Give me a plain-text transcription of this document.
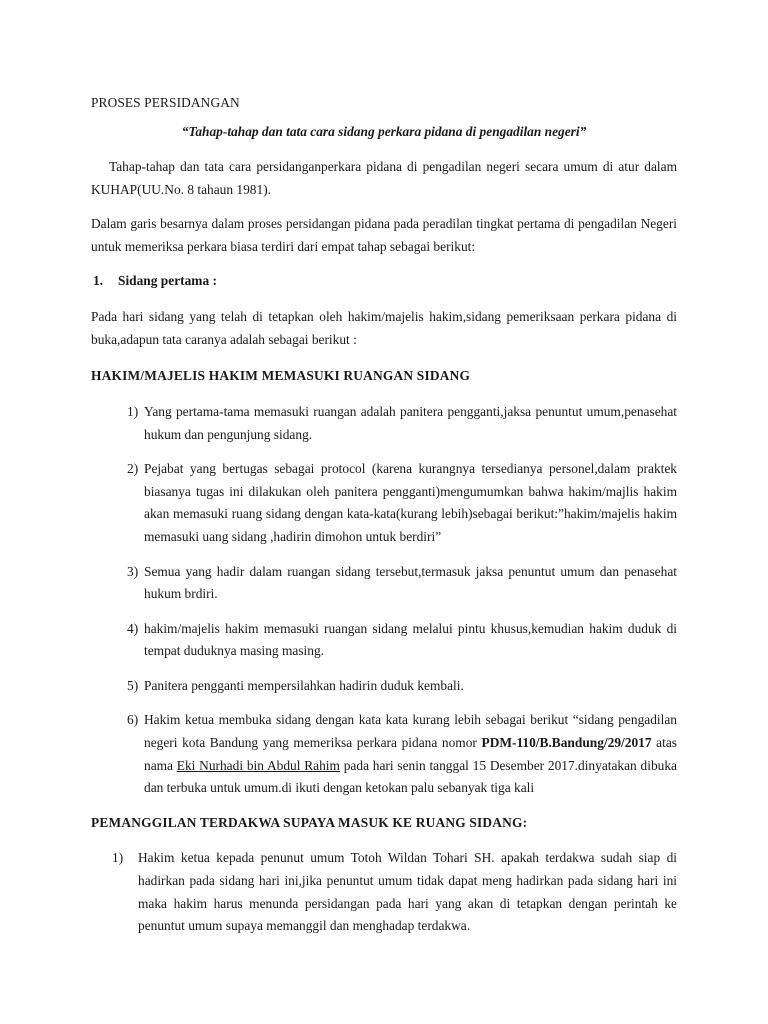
PROSES PERSIDANGAN

“Tahap-tahap dan tata cara sidang perkara pidana di pengadilan negeri”

Tahap-tahap dan tata cara persidanganperkara pidana di pengadilan negeri secara umum di atur dalam KUHAP(UU.No. 8 tahaun 1981).

Dalam garis besarnya dalam proses persidangan pidana pada peradilan tingkat pertama di pengadilan Negeri untuk memeriksa perkara biasa terdiri dari empat tahap sebagai berikut:

1. Sidang pertama :

Pada hari sidang yang telah di tetapkan oleh hakim/majelis hakim,sidang pemeriksaan perkara pidana di buka,adapun tata caranya adalah sebagai berikut :

HAKIM/MAJELIS HAKIM MEMASUKI RUANGAN SIDANG
1) Yang pertama-tama memasuki ruangan adalah panitera pengganti,jaksa penuntut umum,penasehat hukum dan pengunjung sidang.
2) Pejabat yang bertugas sebagai protocol (karena kurangnya tersedianya personel,dalam praktek biasanya tugas ini dilakukan oleh panitera pengganti)mengumumkan bahwa hakim/majlis hakim akan memasuki ruang sidang dengan kata-kata(kurang lebih)sebagai berikut:”hakim/majelis hakim memasuki uang sidang ,hadirin dimohon untuk berdiri”
3) Semua yang hadir dalam ruangan sidang tersebut,termasuk jaksa penuntut umum dan penasehat hukum brdiri.
4) hakim/majelis hakim memasuki ruangan sidang melalui pintu khusus,kemudian hakim duduk di tempat duduknya masing masing.
5) Panitera pengganti mempersilahkan hadirin duduk kembali.
6) Hakim ketua membuka sidang dengan kata kata kurang lebih sebagai berikut “sidang pengadilan negeri kota Bandung yang memeriksa perkara pidana nomor PDM-110/B.Bandung/29/2017 atas nama Eki Nurhadi bin Abdul Rahim pada hari senin tanggal 15 Desember 2017.dinyatakan dibuka dan terbuka untuk umum.di ikuti dengan ketokan palu sebanyak tiga kali
PEMANGGILAN TERDAKWA SUPAYA MASUK KE RUANG SIDANG:
1) Hakim ketua kepada penunut umum Totoh Wildan Tohari SH. apakah terdakwa sudah siap di hadirkan pada sidang hari ini,jika penuntut umum tidak dapat meng hadirkan pada sidang hari ini maka hakim harus menunda persidangan pada hari yang akan di tetapkan dengan perintah ke penuntut umum supaya memanggil dan menghadap terdakwa.
